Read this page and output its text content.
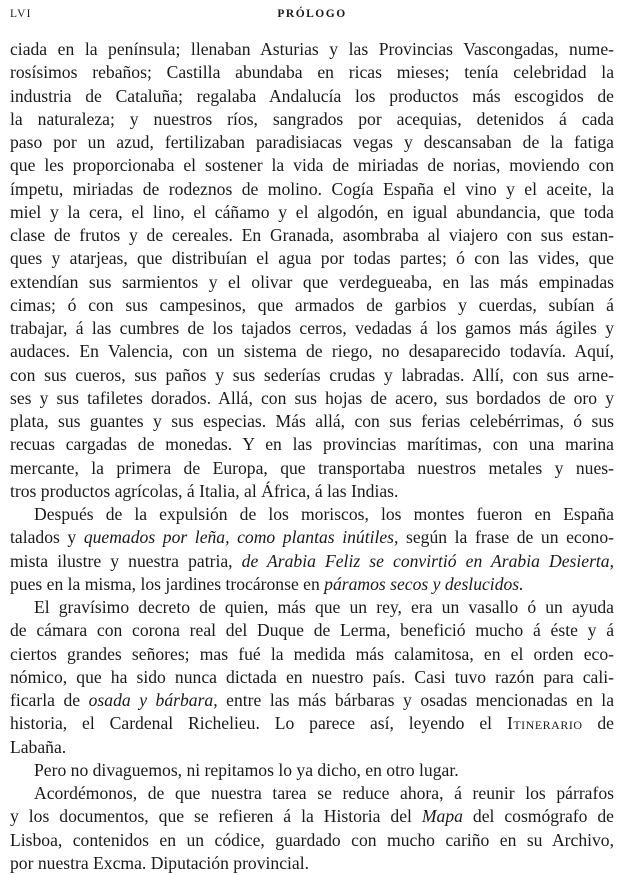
LVI	PRÓLOGO
ciada en la península; llenaban Asturias y las Provincias Vascongadas, nume-
rosísimos rebaños; Castilla abundaba en ricas mieses; tenía celebridad la
industria de Cataluña; regalaba Andalucía los productos más escogidos de
la naturaleza; y nuestros ríos, sangrados por acequias, detenidos á cada
paso por un azud, fertilizaban paradisiacas vegas y descansaban de la fatiga
que les proporcionaba el sostener la vida de miriadas de norias, moviendo con
ímpetu, miriadas de rodeznos de molino. Cogía España el vino y el aceite, la
miel y la cera, el lino, el cáñamo y el algodón, en igual abundancia, que toda
clase de frutos y de cereales. En Granada, asombraba al viajero con sus estan-
ques y atarjeas, que distribuían el agua por todas partes; ó con las vides, que
extendían sus sarmientos y el olivar que verdegueaba, en las más empinadas
cimas; ó con sus campesinos, que armados de garbios y cuerdas, subían á
trabajar, á las cumbres de los tajados cerros, vedadas á los gamos más ágiles y
audaces. En Valencia, con un sistema de riego, no desaparecido todavía. Aquí,
con sus cueros, sus paños y sus sederías crudas y labradas. Allí, con sus arne-
ses y sus tafiletes dorados. Allá, con sus hojas de acero, sus bordados de oro y
plata, sus guantes y sus especias. Más allá, con sus ferias celebérrimas, ó sus
recuas cargadas de monedas. Y en las provincias marítimas, con una marina
mercante, la primera de Europa, que transportaba nuestros metales y nues-
tros productos agrícolas, á Italia, al África, á las Indias.
Después de la expulsión de los moriscos, los montes fueron en España
talados y quemados por leña, como plantas inútiles, según la frase de un econo-
mista ilustre y nuestra patria, de Arabia Feliz se convirtió en Arabia Desierta,
pues en la misma, los jardines trocáronse en páramos secos y deslucidos.
El gravísimo decreto de quien, más que un rey, era un vasallo ó un ayuda
de cámara con corona real del Duque de Lerma, benefició mucho á éste y á
ciertos grandes señores; mas fué la medida más calamitosa, en el orden eco-
nómico, que ha sido nunca dictada en nuestro país. Casi tuvo razón para cali-
ficarla de osada y bárbara, entre las más bárbaras y osadas mencionadas en la
historia, el Cardenal Richelieu. Lo parece así, leyendo el Itinerario de
Labaña.
Pero no divaguemos, ni repitamos lo ya dicho, en otro lugar.
Acordémonos, de que nuestra tarea se reduce ahora, á reunir los párrafos
y los documentos, que se refieren á la Historia del Mapa del cosmógrafo de
Lisboa, contenidos en un códice, guardado con mucho cariño en su Archivo,
por nuestra Excma. Diputación provincial.
